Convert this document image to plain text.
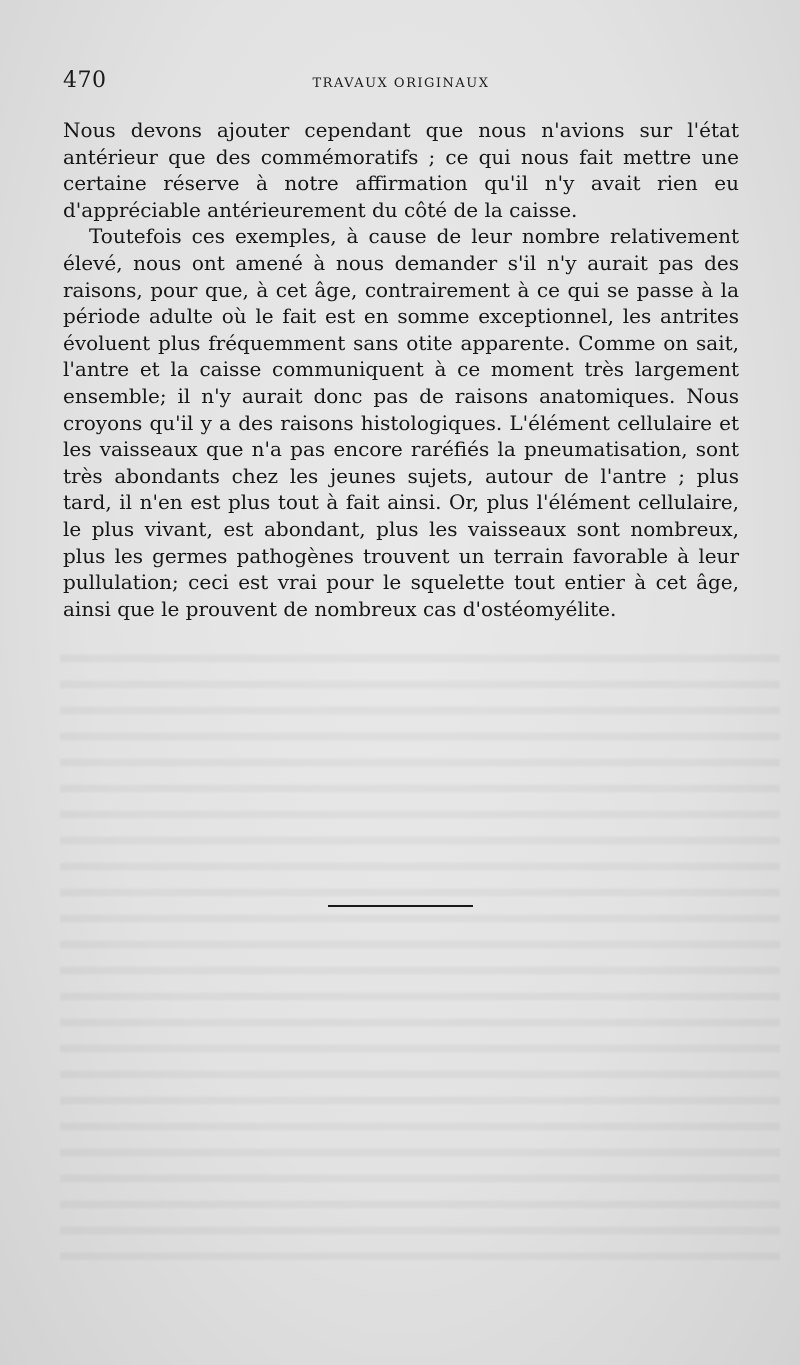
470	TRAVAUX ORIGINAUX

Nous devons ajouter cependant que nous n'avions sur l'état antérieur que des commémoratifs ; ce qui nous fait mettre une certaine réserve à notre affirmation qu'il n'y avait rien eu d'appréciable antérieurement du côté de la caisse.

Toutefois ces exemples, à cause de leur nombre relativement élevé, nous ont amené à nous demander s'il n'y aurait pas des raisons, pour que, à cet âge, contrairement à ce qui se passe à la période adulte où le fait est en somme exceptionnel, les antrites évoluent plus fréquemment sans otite apparente. Comme on sait, l'antre et la caisse communiquent à ce moment très largement ensemble; il n'y aurait donc pas de raisons anatomiques. Nous croyons qu'il y a des raisons histologiques. L'élément cellulaire et les vaisseaux que n'a pas encore raréfiés la pneumatisation, sont très abondants chez les jeunes sujets, autour de l'antre ; plus tard, il n'en est plus tout à fait ainsi. Or, plus l'élément cellulaire, le plus vivant, est abondant, plus les vaisseaux sont nombreux, plus les germes pathogènes trouvent un terrain favorable à leur pullulation; ceci est vrai pour le squelette tout entier à cet âge, ainsi que le prouvent de nombreux cas d'ostéomyélite.
